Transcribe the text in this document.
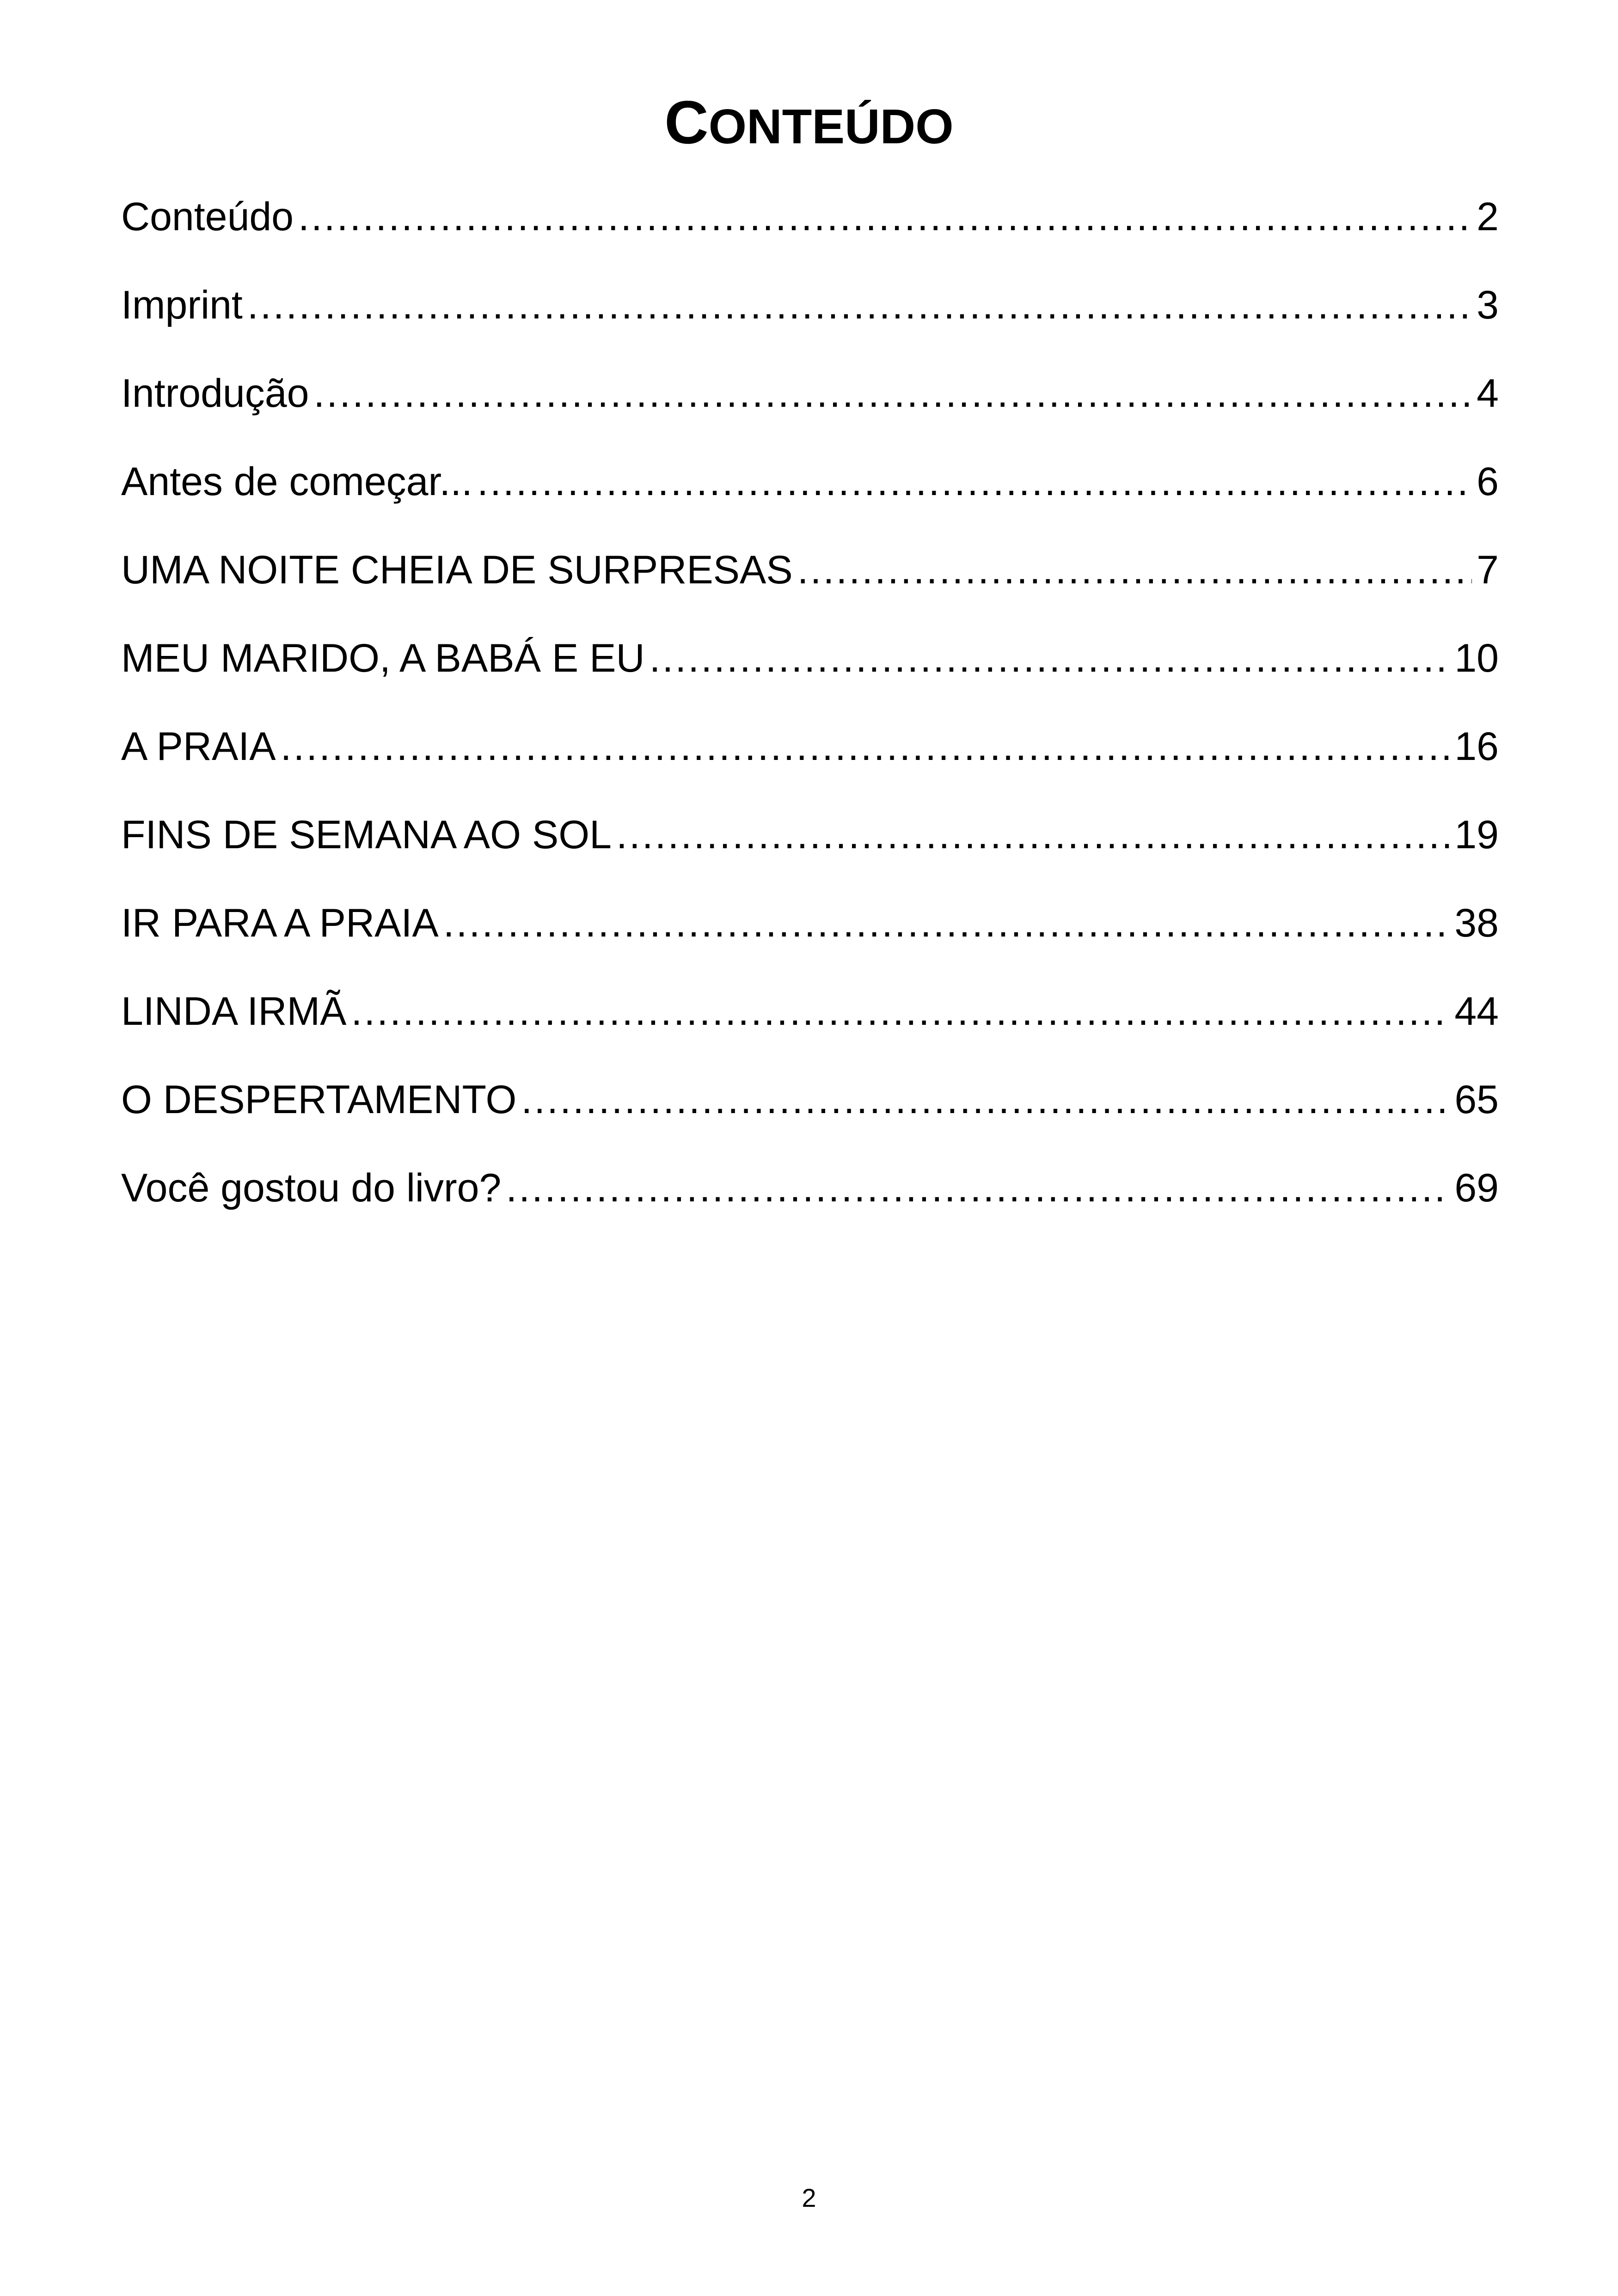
CONTEÚDO
Conteúdo .....	2
Imprint .....	3
Introdução .....	4
Antes de começar... .....	6
UMA NOITE CHEIA DE SURPRESAS .....	7
MEU MARIDO, A BABÁ E EU .....	10
A PRAIA .....	16
FINS DE SEMANA AO SOL .....	19
IR PARA A PRAIA .....	38
LINDA IRMÃ .....	44
O DESPERTAMENTO .....	65
Você gostou do livro? .....	69

2
